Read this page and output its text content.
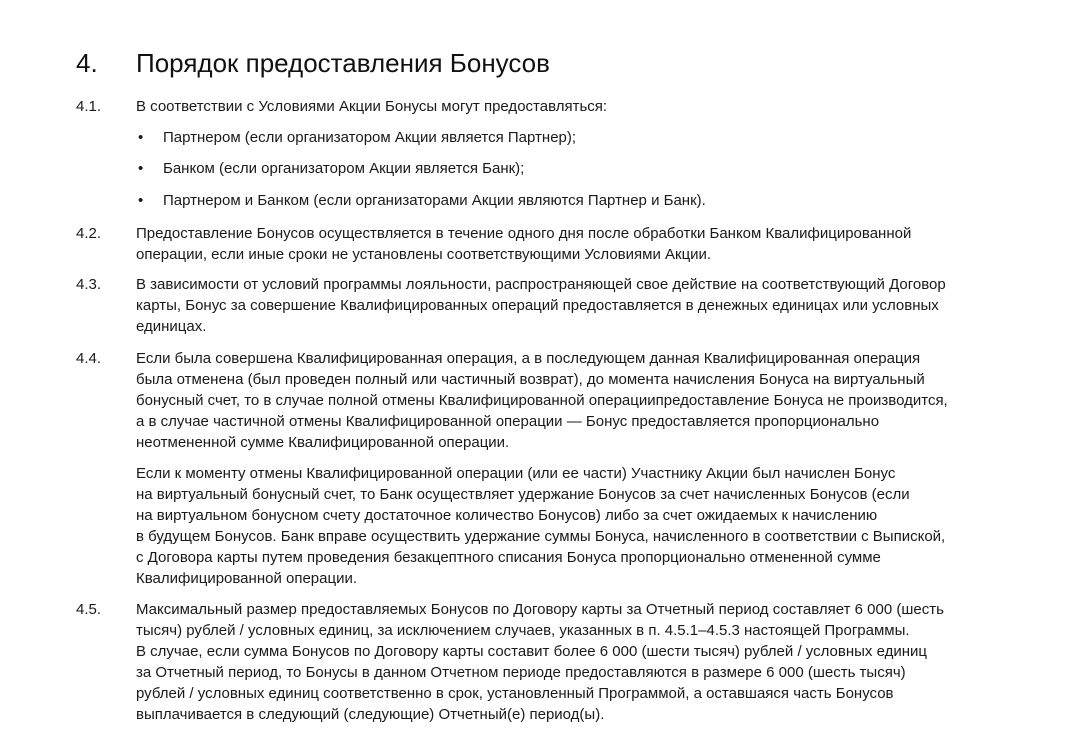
4. Порядок предоставления Бонусов
4.1. В соответствии с Условиями Акции Бонусы могут предоставляться:
• Партнером (если организатором Акции является Партнер);
• Банком (если организатором Акции является Банк);
• Партнером и Банком (если организаторами Акции являются Партнер и Банк).
4.2. Предоставление Бонусов осуществляется в течение одного дня после обработки Банком Квалифицированной
операции, если иные сроки не установлены соответствующими Условиями Акции.
4.3. В зависимости от условий программы лояльности, распространяющей свое действие на соответствующий Договор
карты, Бонус за совершение Квалифицированных операций предоставляется в денежных единицах или условных
единицах.
4.4. Если была совершена Квалифицированная операция, а в последующем данная Квалифицированная операция
была отменена (был проведен полный или частичный возврат), до момента начисления Бонуса на виртуальный
бонусный счет, то в случае полной отмены Квалифицированной операциипредоставление Бонуса не производится,
а в случае частичной отмены Квалифицированной операции — Бонус предоставляется пропорционально
неотмененной сумме Квалифицированной операции.
Если к моменту отмены Квалифицированной операции (или ее части) Участнику Акции был начислен Бонус
на виртуальный бонусный счет, то Банк осуществляет удержание Бонусов за счет начисленных Бонусов (если
на виртуальном бонусном счету достаточное количество Бонусов) либо за счет ожидаемых к начислению
в будущем Бонусов. Банк вправе осуществить удержание суммы Бонуса, начисленного в соответствии с Выпиской,
с Договора карты путем проведения безакцептного списания Бонуса пропорционально отмененной сумме
Квалифицированной операции.
4.5. Максимальный размер предоставляемых Бонусов по Договору карты за Отчетный период составляет 6 000 (шесть
тысяч) рублей / условных единиц, за исключением случаев, указанных в п. 4.5.1–4.5.3 настоящей Программы.
В случае, если сумма Бонусов по Договору карты составит более 6 000 (шести тысяч) рублей / условных единиц
за Отчетный период, то Бонусы в данном Отчетном периоде предоставляются в размере 6 000 (шесть тысяч)
рублей / условных единиц соответственно в срок, установленный Программой, а оставшаяся часть Бонусов
выплачивается в следующий (следующие) Отчетный(е) период(ы).
